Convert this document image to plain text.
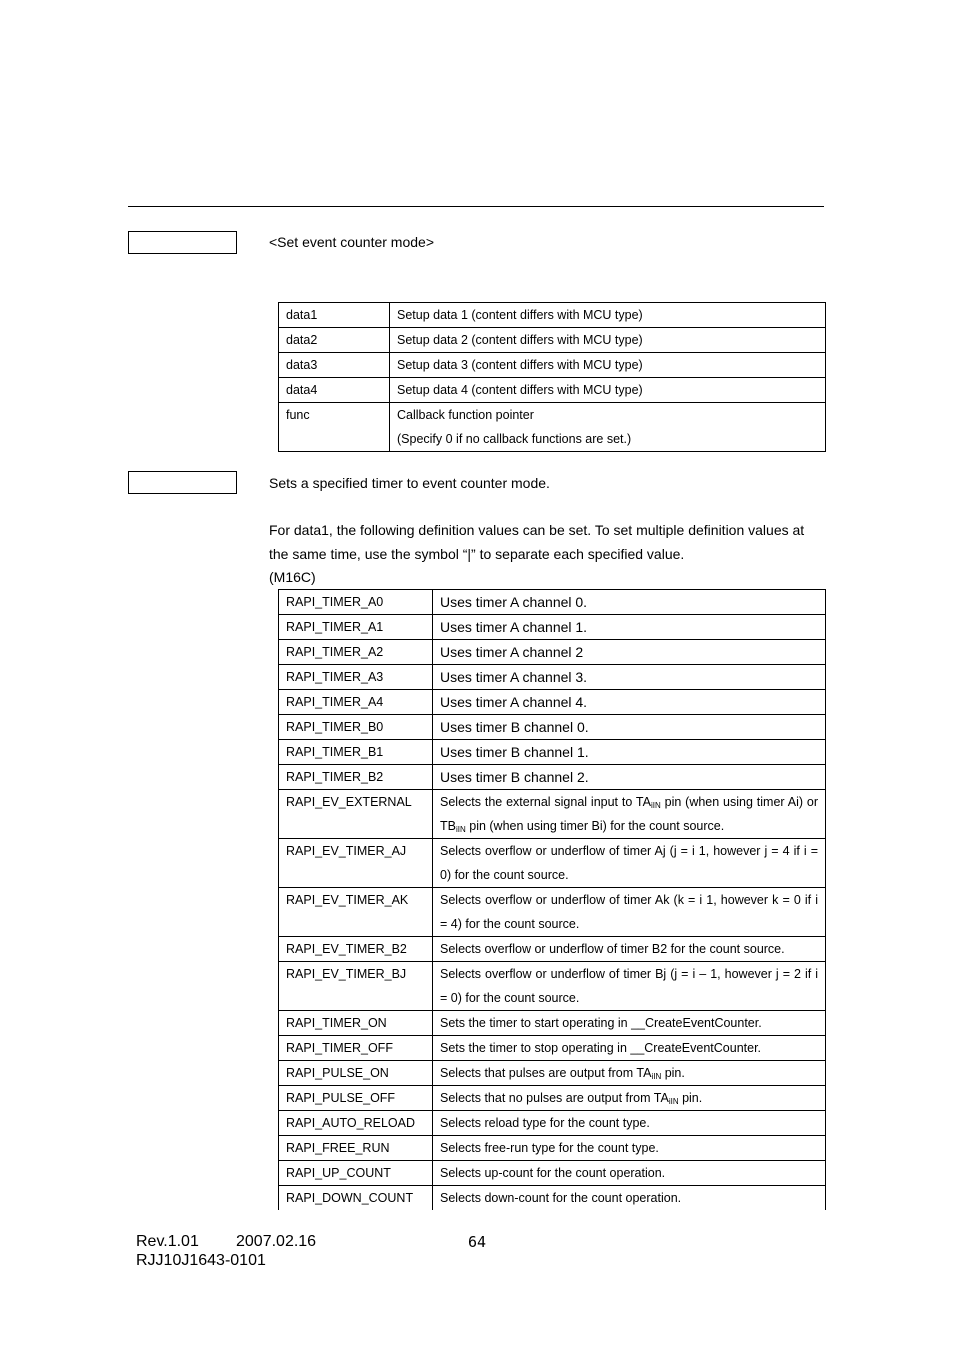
<Set event counter mode>
data1	Setup data 1 (content differs with MCU type)
data2	Setup data 2 (content differs with MCU type)
data3	Setup data 3 (content differs with MCU type)
data4	Setup data 4 (content differs with MCU type)
func	Callback function pointer
(Specify 0 if no callback functions are set.)
Sets a specified timer to event counter mode.
For data1, the following definition values can be set. To set multiple definition values at the same time, use the symbol “|” to separate each specified value.
(M16C)
RAPI_TIMER_A0	Uses timer A channel 0.
RAPI_TIMER_A1	Uses timer A channel 1.
RAPI_TIMER_A2	Uses timer A channel 2
RAPI_TIMER_A3	Uses timer A channel 3.
RAPI_TIMER_A4	Uses timer A channel 4.
RAPI_TIMER_B0	Uses timer B channel 0.
RAPI_TIMER_B1	Uses timer B channel 1.
RAPI_TIMER_B2	Uses timer B channel 2.
RAPI_EV_EXTERNAL	Selects the external signal input to $TA_{iIN}$ pin (when using timer Ai) or $TB_{iIN}$ pin (when using timer Bi) for the count source.
RAPI_EV_TIMER_AJ	Selects overflow or underflow of timer Aj (j = i 1, however j = 4 if i = 0) for the count source.
RAPI_EV_TIMER_AK	Selects overflow or underflow of timer Ak (k = i 1, however k = 0 if i = 4) for the count source.
RAPI_EV_TIMER_B2	Selects overflow or underflow of timer B2 for the count source.
RAPI_EV_TIMER_BJ	Selects overflow or underflow of timer Bj (j = i – 1, however j = 2 if i = 0) for the count source.
RAPI_TIMER_ON	Sets the timer to start operating in __CreateEventCounter.
RAPI_TIMER_OFF	Sets the timer to stop operating in __CreateEventCounter.
RAPI_PULSE_ON	Selects that pulses are output from $TA_{iIN}$ pin.
RAPI_PULSE_OFF	Selects that no pulses are output from $TA_{iIN}$ pin.
RAPI_AUTO_RELOAD	Selects reload type for the count type.
RAPI_FREE_RUN	Selects free-run type for the count type.
RAPI_UP_COUNT	Selects up-count for the count operation.
RAPI_DOWN_COUNT	Selects down-count for the count operation.
Rev.1.01 2007.02.16
RJJ10J1643-0101
64
